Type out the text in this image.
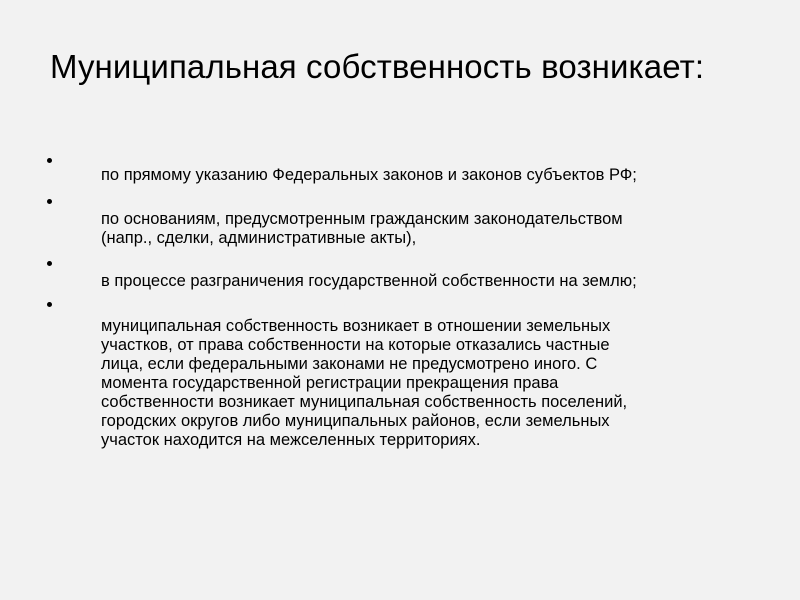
Муниципальная собственность возникает:
по прямому указанию Федеральных законов и законов субъектов РФ;
по основаниям, предусмотренным гражданским законодательством
(напр., сделки, административные акты),
в процессе разграничения государственной собственности на землю;
муниципальная собственность возникает в отношении земельных
участков, от права собственности на которые отказались частные
лица, если федеральными законами не предусмотрено иного. С
момента государственной регистрации прекращения права
собственности возникает муниципальная собственность поселений,
городских округов либо муниципальных районов, если земельных
участок находится на межселенных территориях.
